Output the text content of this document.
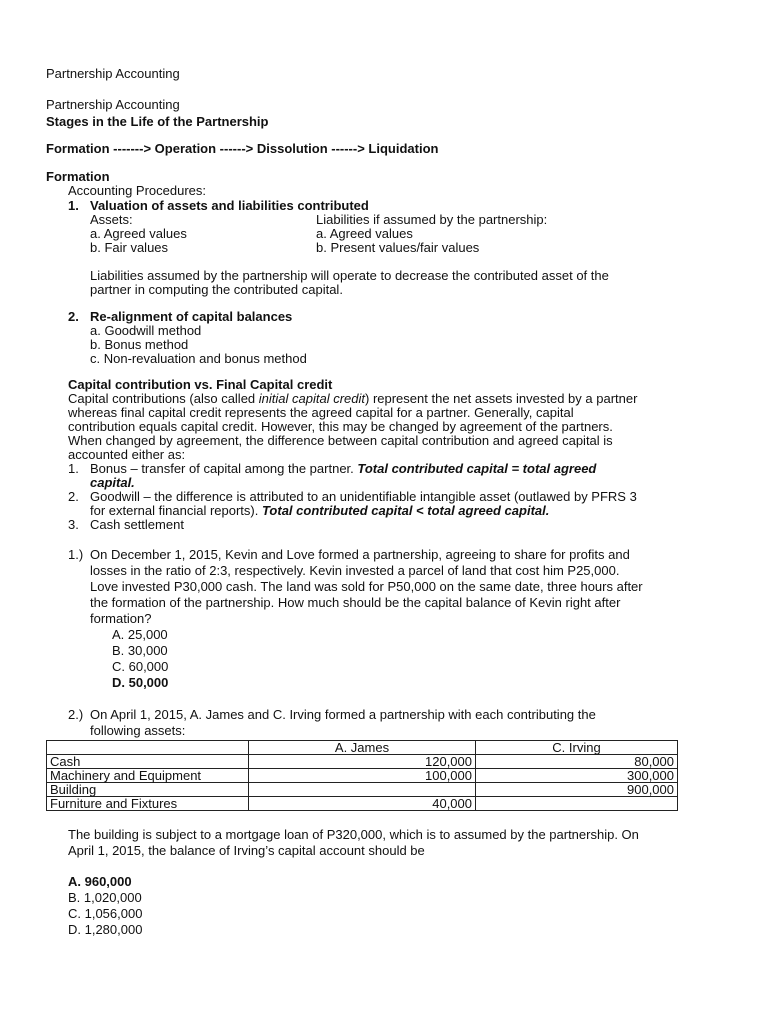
Partnership Accounting
Partnership Accounting
Stages in the Life of the Partnership
Formation -------> Operation ------> Dissolution ------> Liquidation
Formation
Accounting Procedures:
1. Valuation of assets and liabilities contributed
Assets:
a. Agreed values
b. Fair values
Liabilities if assumed by the partnership:
a. Agreed values
b. Present values/fair values
Liabilities assumed by the partnership will operate to decrease the contributed asset of the
partner in computing the contributed capital.
2. Re-alignment of capital balances
a. Goodwill method
b. Bonus method
c. Non-revaluation and bonus method
Capital contribution vs. Final Capital credit
Capital contributions (also called initial capital credit) represent the net assets invested by a partner
whereas final capital credit represents the agreed capital for a partner. Generally, capital
contribution equals capital credit. However, this may be changed by agreement of the partners.
When changed by agreement, the difference between capital contribution and agreed capital is
accounted either as:
1. Bonus – transfer of capital among the partner. Total contributed capital = total agreed
capital.
2. Goodwill – the difference is attributed to an unidentifiable intangible asset (outlawed by PFRS 3
for external financial reports). Total contributed capital < total agreed capital.
3. Cash settlement
1.) On December 1, 2015, Kevin and Love formed a partnership, agreeing to share for profits and
losses in the ratio of 2:3, respectively. Kevin invested a parcel of land that cost him P25,000.
Love invested P30,000 cash. The land was sold for P50,000 on the same date, three hours after
the formation of the partnership. How much should be the capital balance of Kevin right after
formation?
A. 25,000
B. 30,000
C. 60,000
D. 50,000
2.) On April 1, 2015, A. James and C. Irving formed a partnership with each contributing the
following assets:
	A. James	C. Irving
Cash	120,000	80,000
Machinery and Equipment	100,000	300,000
Building		900,000
Furniture and Fixtures	40,000	
The building is subject to a mortgage loan of P320,000, which is to assumed by the partnership. On
April 1, 2015, the balance of Irving’s capital account should be
A. 960,000
B. 1,020,000
C. 1,056,000
D. 1,280,000
